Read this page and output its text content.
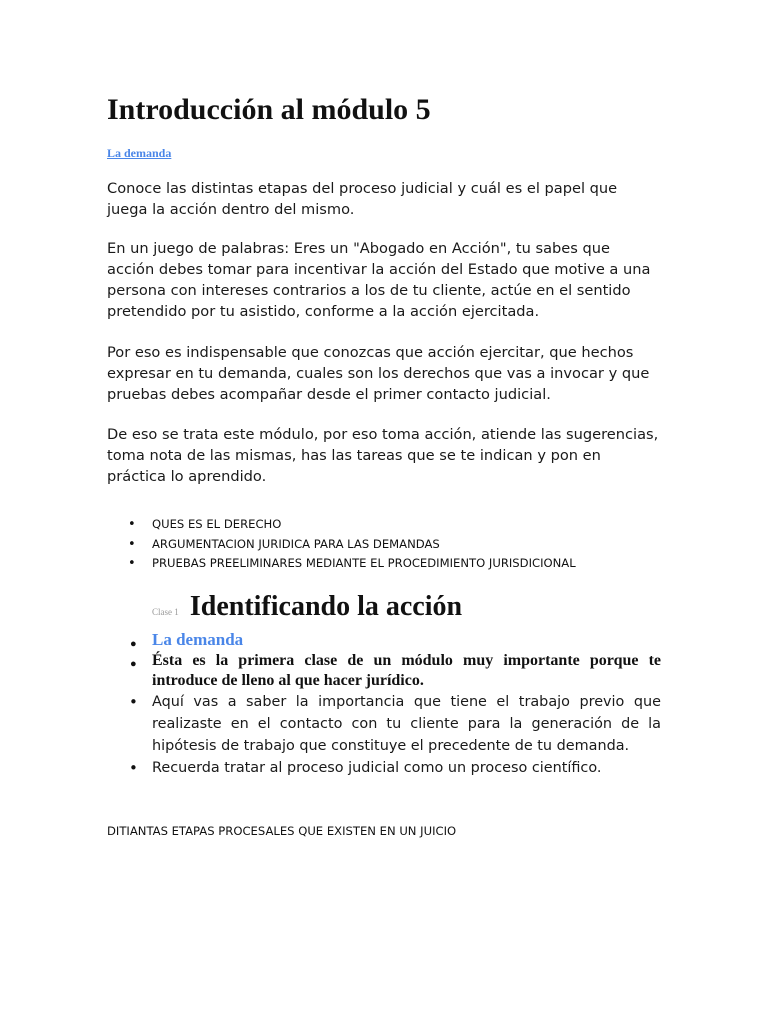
Introducción al módulo 5
La demanda

Conoce las distintas etapas del proceso judicial y cuál es el papel que juega la acción dentro del mismo.

En un juego de palabras: Eres un "Abogado en Acción", tu sabes que acción debes tomar para incentivar la acción del Estado que motive a una persona con intereses contrarios a los de tu cliente, actúe en el sentido pretendido por tu asistido, conforme a la acción ejercitada.

Por eso es indispensable que conozcas que acción ejercitar, que hechos expresar en tu demanda, cuales son los derechos que vas a invocar y que pruebas debes acompañar desde el primer contacto judicial.

De eso se trata este módulo, por eso toma acción, atiende las sugerencias, toma nota de las mismas, has las tareas que se te indican y pon en práctica lo aprendido.

• QUES ES EL DERECHO
• ARGUMENTACION JURIDICA PARA LAS DEMANDAS
• PRUEBAS PREELIMINARES MEDIANTE EL PROCEDIMIENTO JURISDICIONAL
Clase 1 Identificando la acción
● La demanda
● Ésta es la primera clase de un módulo muy importante porque te introduce de lleno al que hacer jurídico.
• Aquí vas a saber la importancia que tiene el trabajo previo que realizaste en el contacto con tu cliente para la generación de la hipótesis de trabajo que constituye el precedente de tu demanda.
• Recuerda tratar al proceso judicial como un proceso científico.
DITIANTAS ETAPAS PROCESALES QUE EXISTEN EN UN JUICIO
